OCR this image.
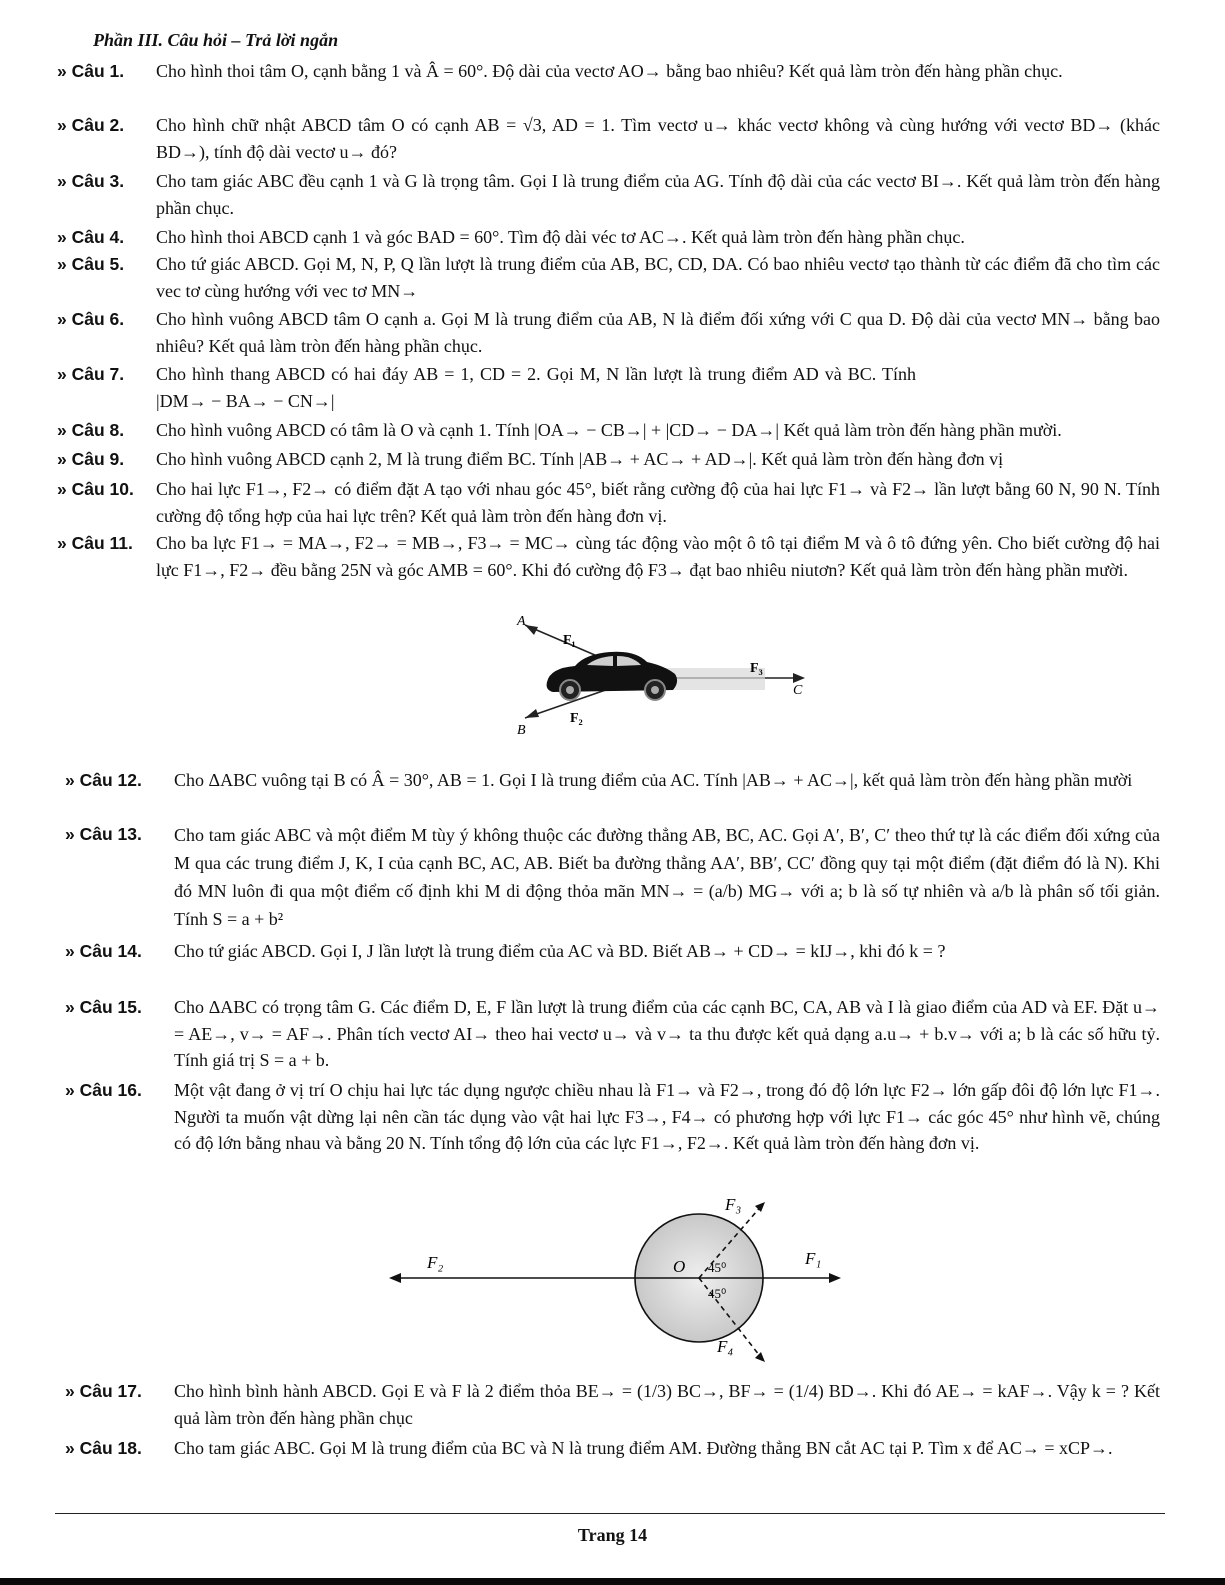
Phần III. Câu hỏi – Trả lời ngắn
» Câu 1. Cho hình thoi tâm O, cạnh bằng 1 và Â = 60°. Độ dài của vectơ AO→ bằng bao nhiêu? Kết quả làm tròn đến hàng phần chục.
» Câu 2. Cho hình chữ nhật ABCD tâm O có cạnh AB = √3, AD = 1. Tìm vectơ u→ khác vectơ không và cùng hướng với vectơ BD→ (khác BD→), tính độ dài vectơ u→ đó?
» Câu 3. Cho tam giác ABC đều cạnh 1 và G là trọng tâm. Gọi I là trung điểm của AG. Tính độ dài của các vectơ BI→. Kết quả làm tròn đến hàng phần chục.
» Câu 4. Cho hình thoi ABCD cạnh 1 và góc BAD = 60°. Tìm độ dài véc tơ AC→. Kết quả làm tròn đến hàng phần chục.
» Câu 5. Cho tứ giác ABCD. Gọi M, N, P, Q lần lượt là trung điểm của AB, BC, CD, DA. Có bao nhiêu vectơ tạo thành từ các điểm đã cho tìm các vec tơ cùng hướng với vec tơ MN→
» Câu 6. Cho hình vuông ABCD tâm O cạnh a. Gọi M là trung điểm của AB, N là điểm đối xứng với C qua D. Độ dài của vectơ MN→ bằng bao nhiêu? Kết quả làm tròn đến hàng phần chục.
» Câu 7. Cho hình thang ABCD có hai đáy AB = 1, CD = 2. Gọi M, N lần lượt là trung điểm AD và BC. Tính |DM→ − BA→ − CN→|
» Câu 8. Cho hình vuông ABCD có tâm là O và cạnh 1. Tính |OA→ − CB→| + |CD→ − DA→| Kết quả làm tròn đến hàng phần mười.
» Câu 9. Cho hình vuông ABCD cạnh 2, M là trung điểm BC. Tính |AB→ + AC→ + AD→|. Kết quả làm tròn đến hàng đơn vị
» Câu 10. Cho hai lực F1→, F2→ có điểm đặt A tạo với nhau góc 45°, biết rằng cường độ của hai lực F1→ và F2→ lần lượt bằng 60 N, 90 N. Tính cường độ tổng hợp của hai lực trên? Kết quả làm tròn đến hàng đơn vị.
» Câu 11. Cho ba lực F1→ = MA→, F2→ = MB→, F3→ = MC→ cùng tác động vào một ô tô tại điểm M và ô tô đứng yên. Cho biết cường độ hai lực F1→, F2→ đều bằng 25N và góc AMB = 60°. Khi đó cường độ F3→ đạt bao nhiêu niutơn? Kết quả làm tròn đến hàng phần mười.
A
B
C
F₁
F₃
F₂
» Câu 12. Cho ΔABC vuông tại B có Â = 30°, AB = 1. Gọi I là trung điểm của AC. Tính |AB→ + AC→|, kết quả làm tròn đến hàng phần mười
» Câu 13. Cho tam giác ABC và một điểm M tùy ý không thuộc các đường thẳng AB, BC, AC. Gọi A′, B′, C′ theo thứ tự là các điểm đối xứng của M qua các trung điểm J, K, I của cạnh BC, AC, AB. Biết ba đường thẳng AA′, BB′, CC′ đồng quy tại một điểm (đặt điểm đó là N). Khi đó MN luôn đi qua một điểm cố định khi M di động thỏa mãn MN→ = (a/b) MG→ với a; b là số tự nhiên và a/b là phân số tối giản. Tính S = a + b²
» Câu 14. Cho tứ giác ABCD. Gọi I, J lần lượt là trung điểm của AC và BD. Biết AB→ + CD→ = kIJ→, khi đó k = ?
» Câu 15. Cho ΔABC có trọng tâm G. Các điểm D, E, F lần lượt là trung điểm của các cạnh BC, CA, AB và I là giao điểm của AD và EF. Đặt u→ = AE→, v→ = AF→. Phân tích vectơ AI→ theo hai vectơ u→ và v→ ta thu được kết quả dạng a.u→ + b.v→ với a; b là các số hữu tỷ. Tính giá trị S = a + b.
» Câu 16. Một vật đang ở vị trí O chịu hai lực tác dụng ngược chiều nhau là F1→ và F2→, trong đó độ lớn lực F2→ lớn gấp đôi độ lớn lực F1→. Người ta muốn vật dừng lại nên cần tác dụng vào vật hai lực F3→, F4→ có phương hợp với lực F1→ các góc 45° như hình vẽ, chúng có độ lớn bằng nhau và bằng 20 N. Tính tổng độ lớn của các lực F1→, F2→. Kết quả làm tròn đến hàng đơn vị.
O 45⁰
45⁰
F₂	F₁
F₃
F₄
» Câu 17. Cho hình bình hành ABCD. Gọi E và F là 2 điểm thỏa BE→ = (1/3) BC→, BF→ = (1/4) BD→. Khi đó AE→ = kAF→. Vậy k = ? Kết quả làm tròn đến hàng phần chục
» Câu 18. Cho tam giác ABC. Gọi M là trung điểm của BC và N là trung điểm AM. Đường thẳng BN cắt AC tại P. Tìm x để AC→ = xCP→.
Trang 14
